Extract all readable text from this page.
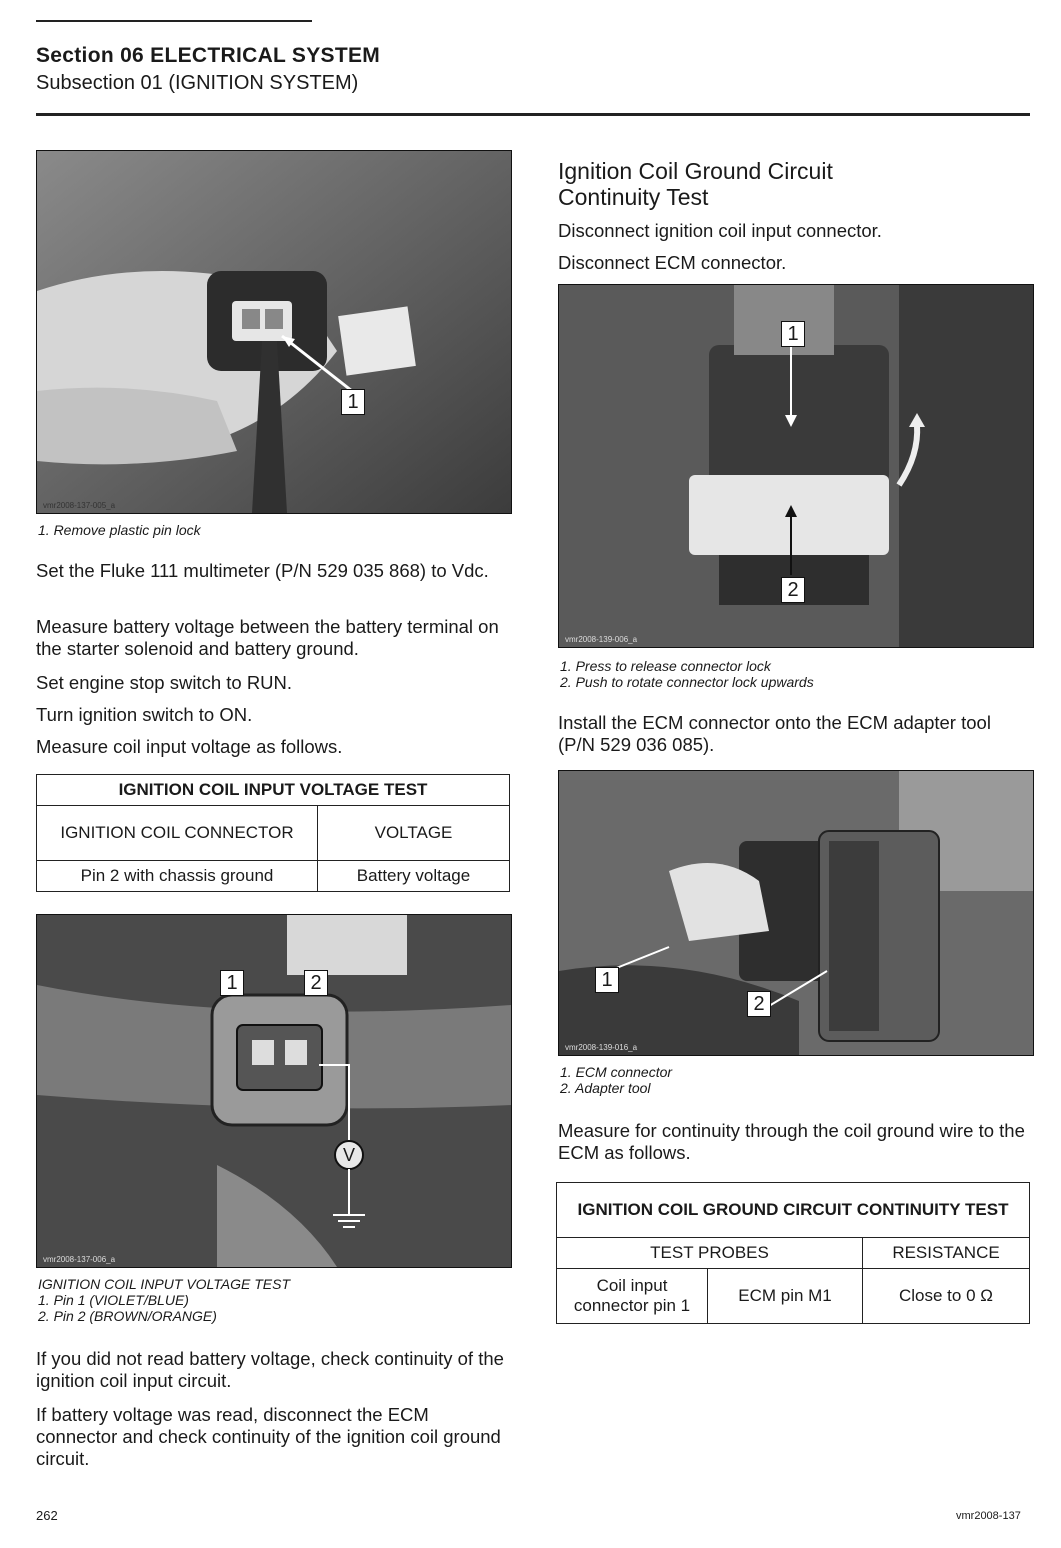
Section 06 ELECTRICAL SYSTEM
Subsection 01 (IGNITION SYSTEM)
1
vmr2008-137-005_a
1. Remove plastic pin lock
Set the Fluke 111 multimeter (P/N 529 035 868) to Vdc.
Measure battery voltage between the battery terminal on the starter solenoid and battery ground.
Set engine stop switch to RUN.
Turn ignition switch to ON.
Measure coil input voltage as follows.
IGNITION COIL INPUT VOLTAGE TEST	
IGNITION COIL CONNECTOR	VOLTAGE
Pin 2 with chassis ground	Battery voltage
V
1	2
vmr2008-137-006_a
IGNITION COIL INPUT VOLTAGE TEST
1. Pin 1 (VIOLET/BLUE)
2. Pin 2 (BROWN/ORANGE)
If you did not read battery voltage, check continuity of the ignition coil input circuit.
If battery voltage was read, disconnect the ECM connector and check continuity of the ignition coil ground circuit.
Ignition Coil Ground Circuit Continuity Test
Disconnect ignition coil input connector.
Disconnect ECM connector.
1
2
vmr2008-139-006_a
1. Press to release connector lock
2. Push to rotate connector lock upwards
Install the ECM connector onto the ECM adapter tool (P/N 529 036 085).
1
2
vmr2008-139-016_a
1. ECM connector
2. Adapter tool
Measure for continuity through the coil ground wire to the ECM as follows.
IGNITION COIL GROUND CIRCUIT CONTINUITY TEST		
TEST PROBES		RESISTANCE
Coil input connector pin 1	ECM pin M1	Close to 0 Ω
262	vmr2008-137
